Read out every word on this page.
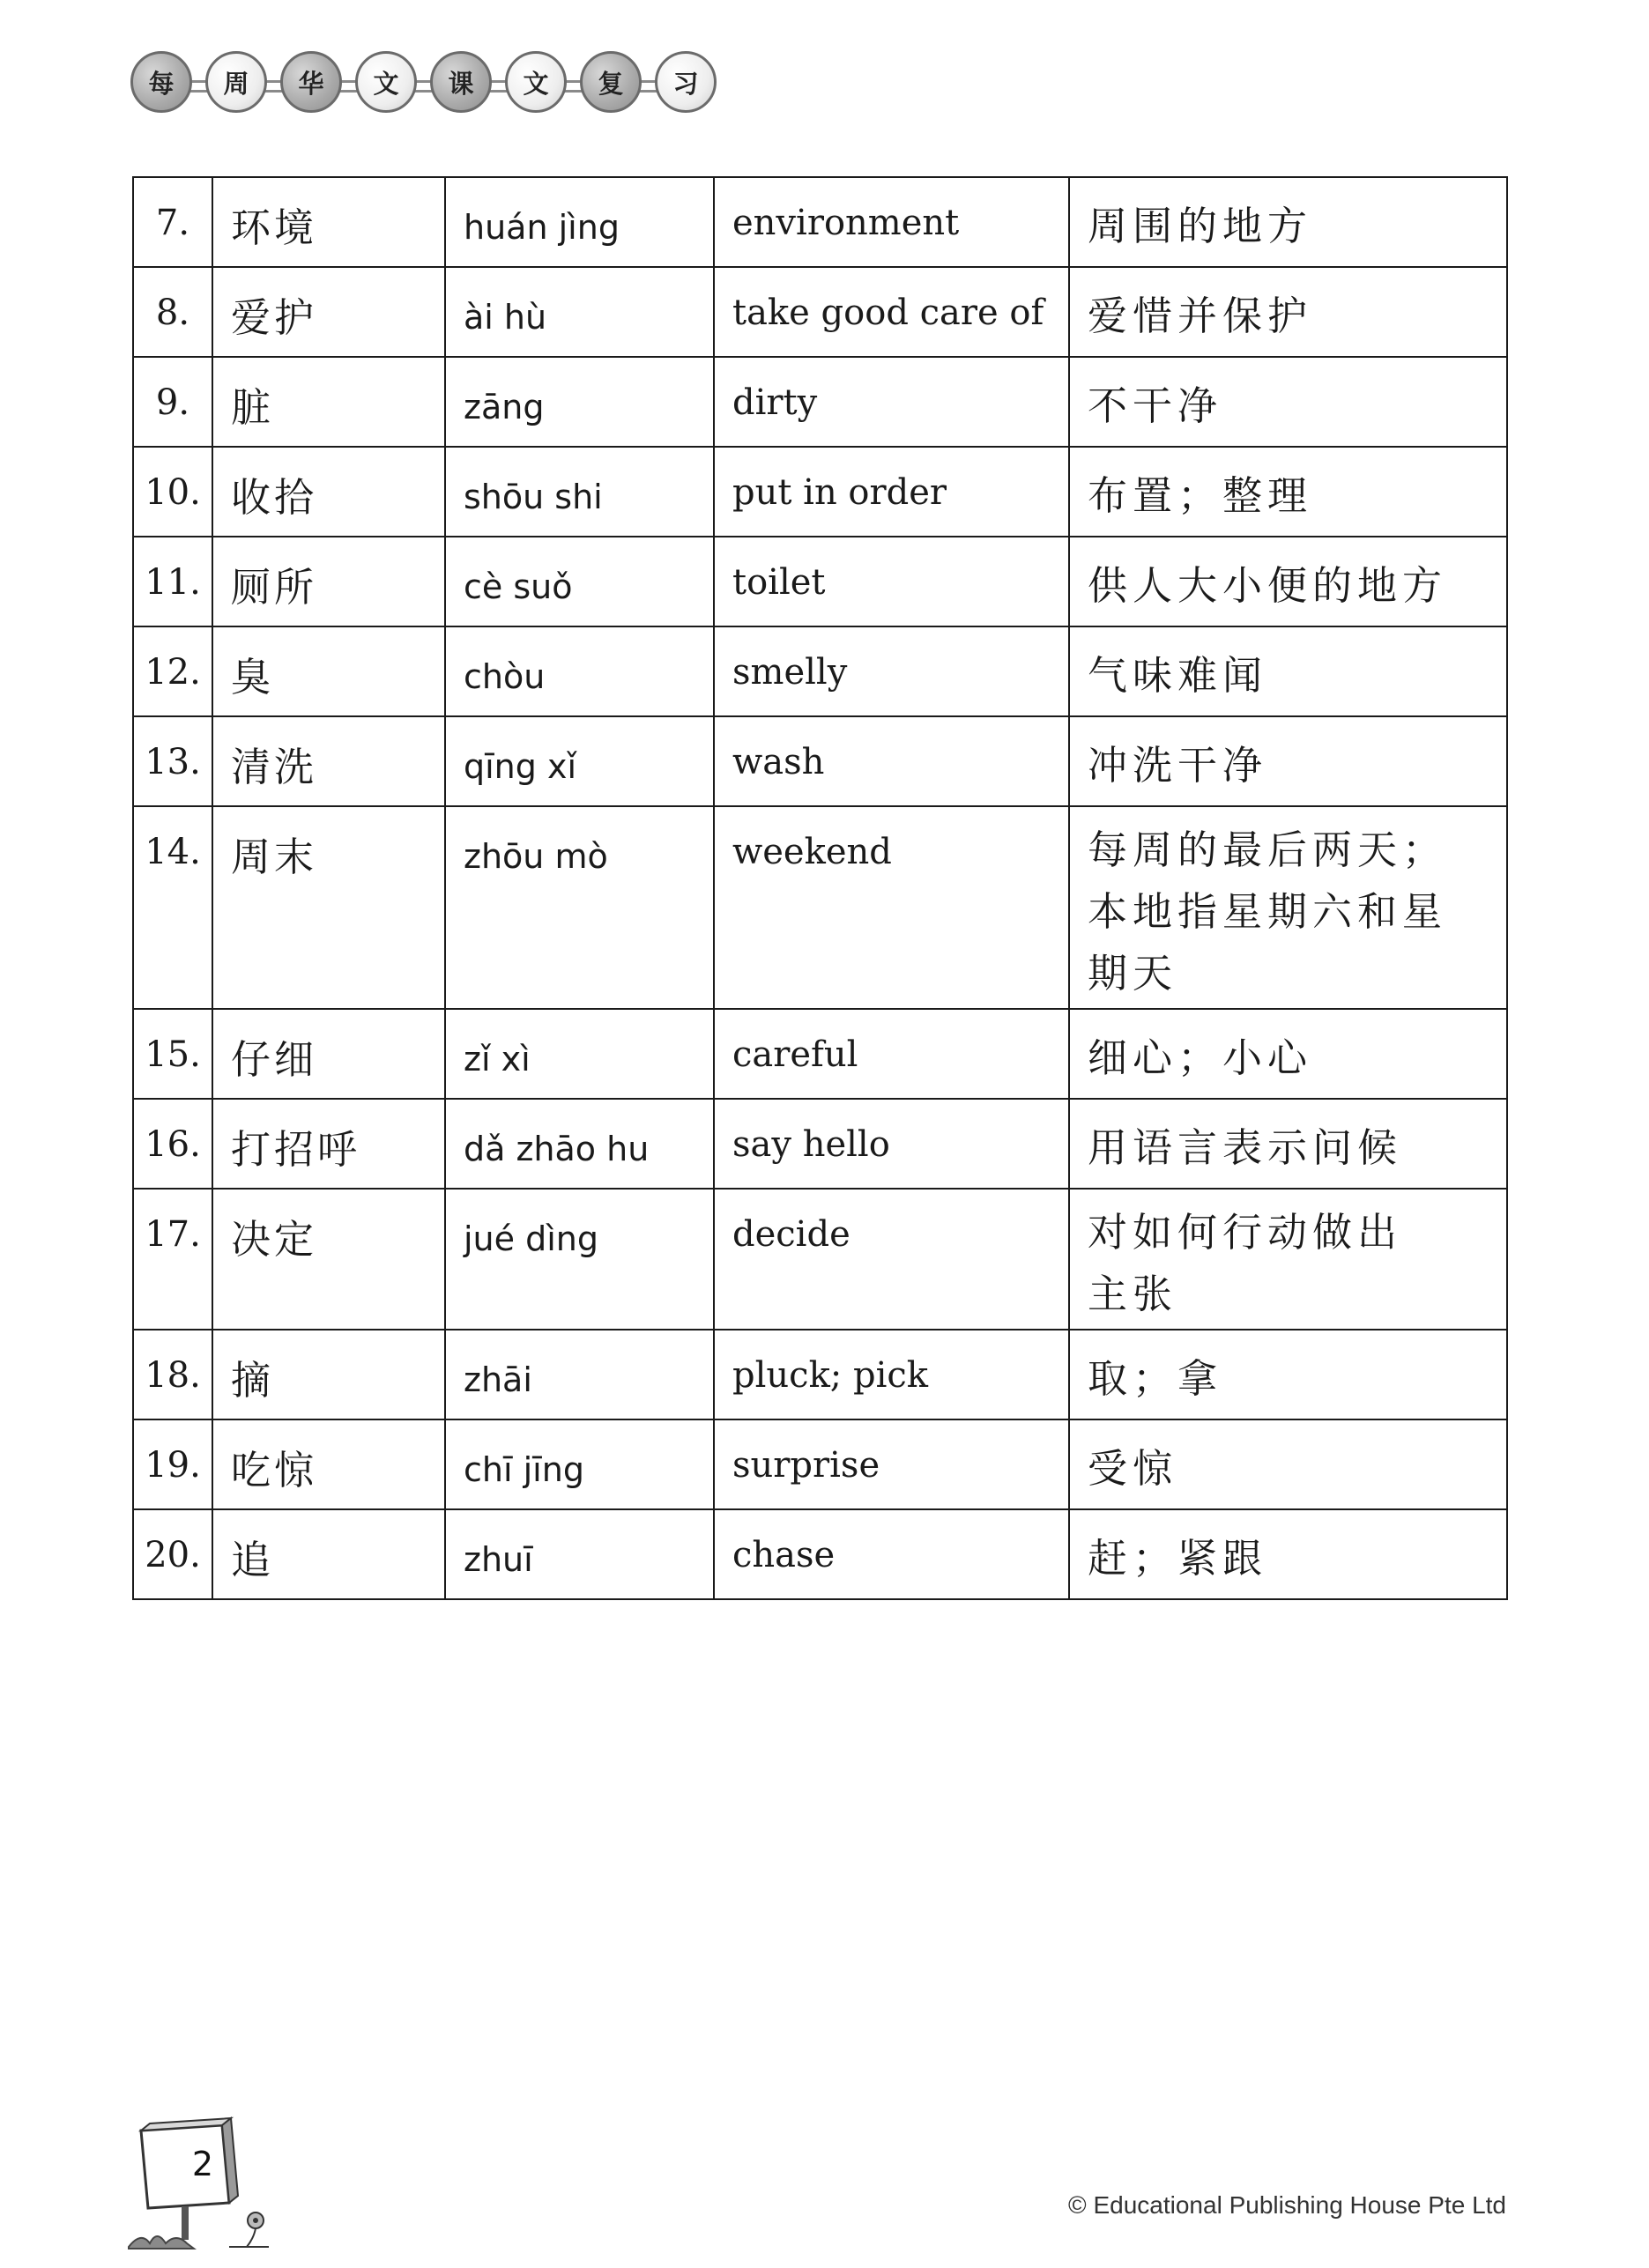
每	周	华	文	课	文	复	习
7.	环境	huán jìng	environment	周围的地方

8.	爱护	ài hù	take good care of	爱惜并保护

9.	脏	zāng	dirty	不干净

10.	收拾	shōu shi	put in order	布置；整理

11.	厕所	cè suǒ	toilet	供人大小便的地方

12.	臭	chòu	smelly	气味难闻

13.	清洗	qīng xǐ	wash	冲洗干净

14.	周末	zhōu mò	weekend	每周的最后两天；
本地指星期六和星
期天

15.	仔细	zǐ xì	careful	细心；小心

16.	打招呼	dǎ zhāo hu	say hello	用语言表示问候

17.	决定	jué dìng	decide	对如何行动做出
主张

18.	摘	zhāi	pluck; pick	取；拿

19.	吃惊	chī jīng	surprise	受惊

20.	追	zhuī	chase	赶；紧跟
2
© Educational Publishing House Pte Ltd
